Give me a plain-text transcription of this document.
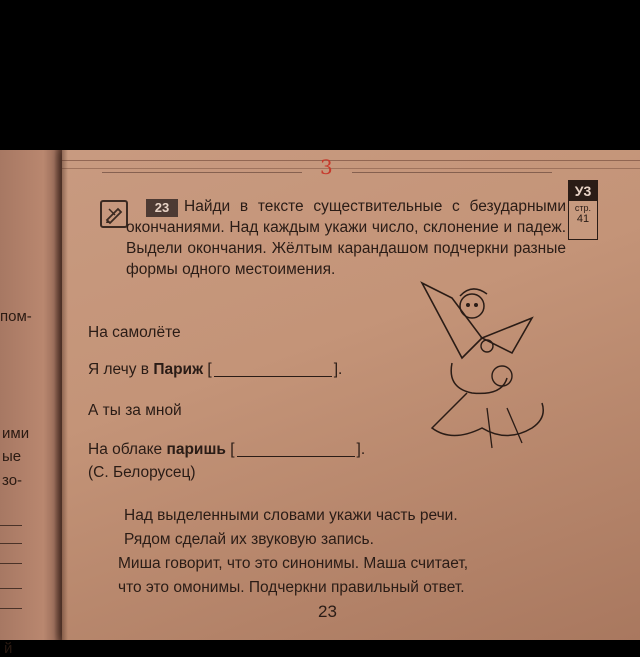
пом-
ими
ые
зо-
й
3
23 Найди в тексте существительные с безударными окончаниями. Над каждым укажи число, склонение и падеж. Выдели окончания. Жёлтым карандашом подчеркни разные формы одного местоимения.
У3
стр.
41
На самолёте
Я лечу в Париж [	].
А ты за мной
На облаке паришь [	].
(С. Белорусец)
Над выделенными словами укажи часть речи.
Рядом сделай их звуковую запись.
Миша говорит, что это синонимы. Маша считает,
что это омонимы. Подчеркни правильный ответ.
23
